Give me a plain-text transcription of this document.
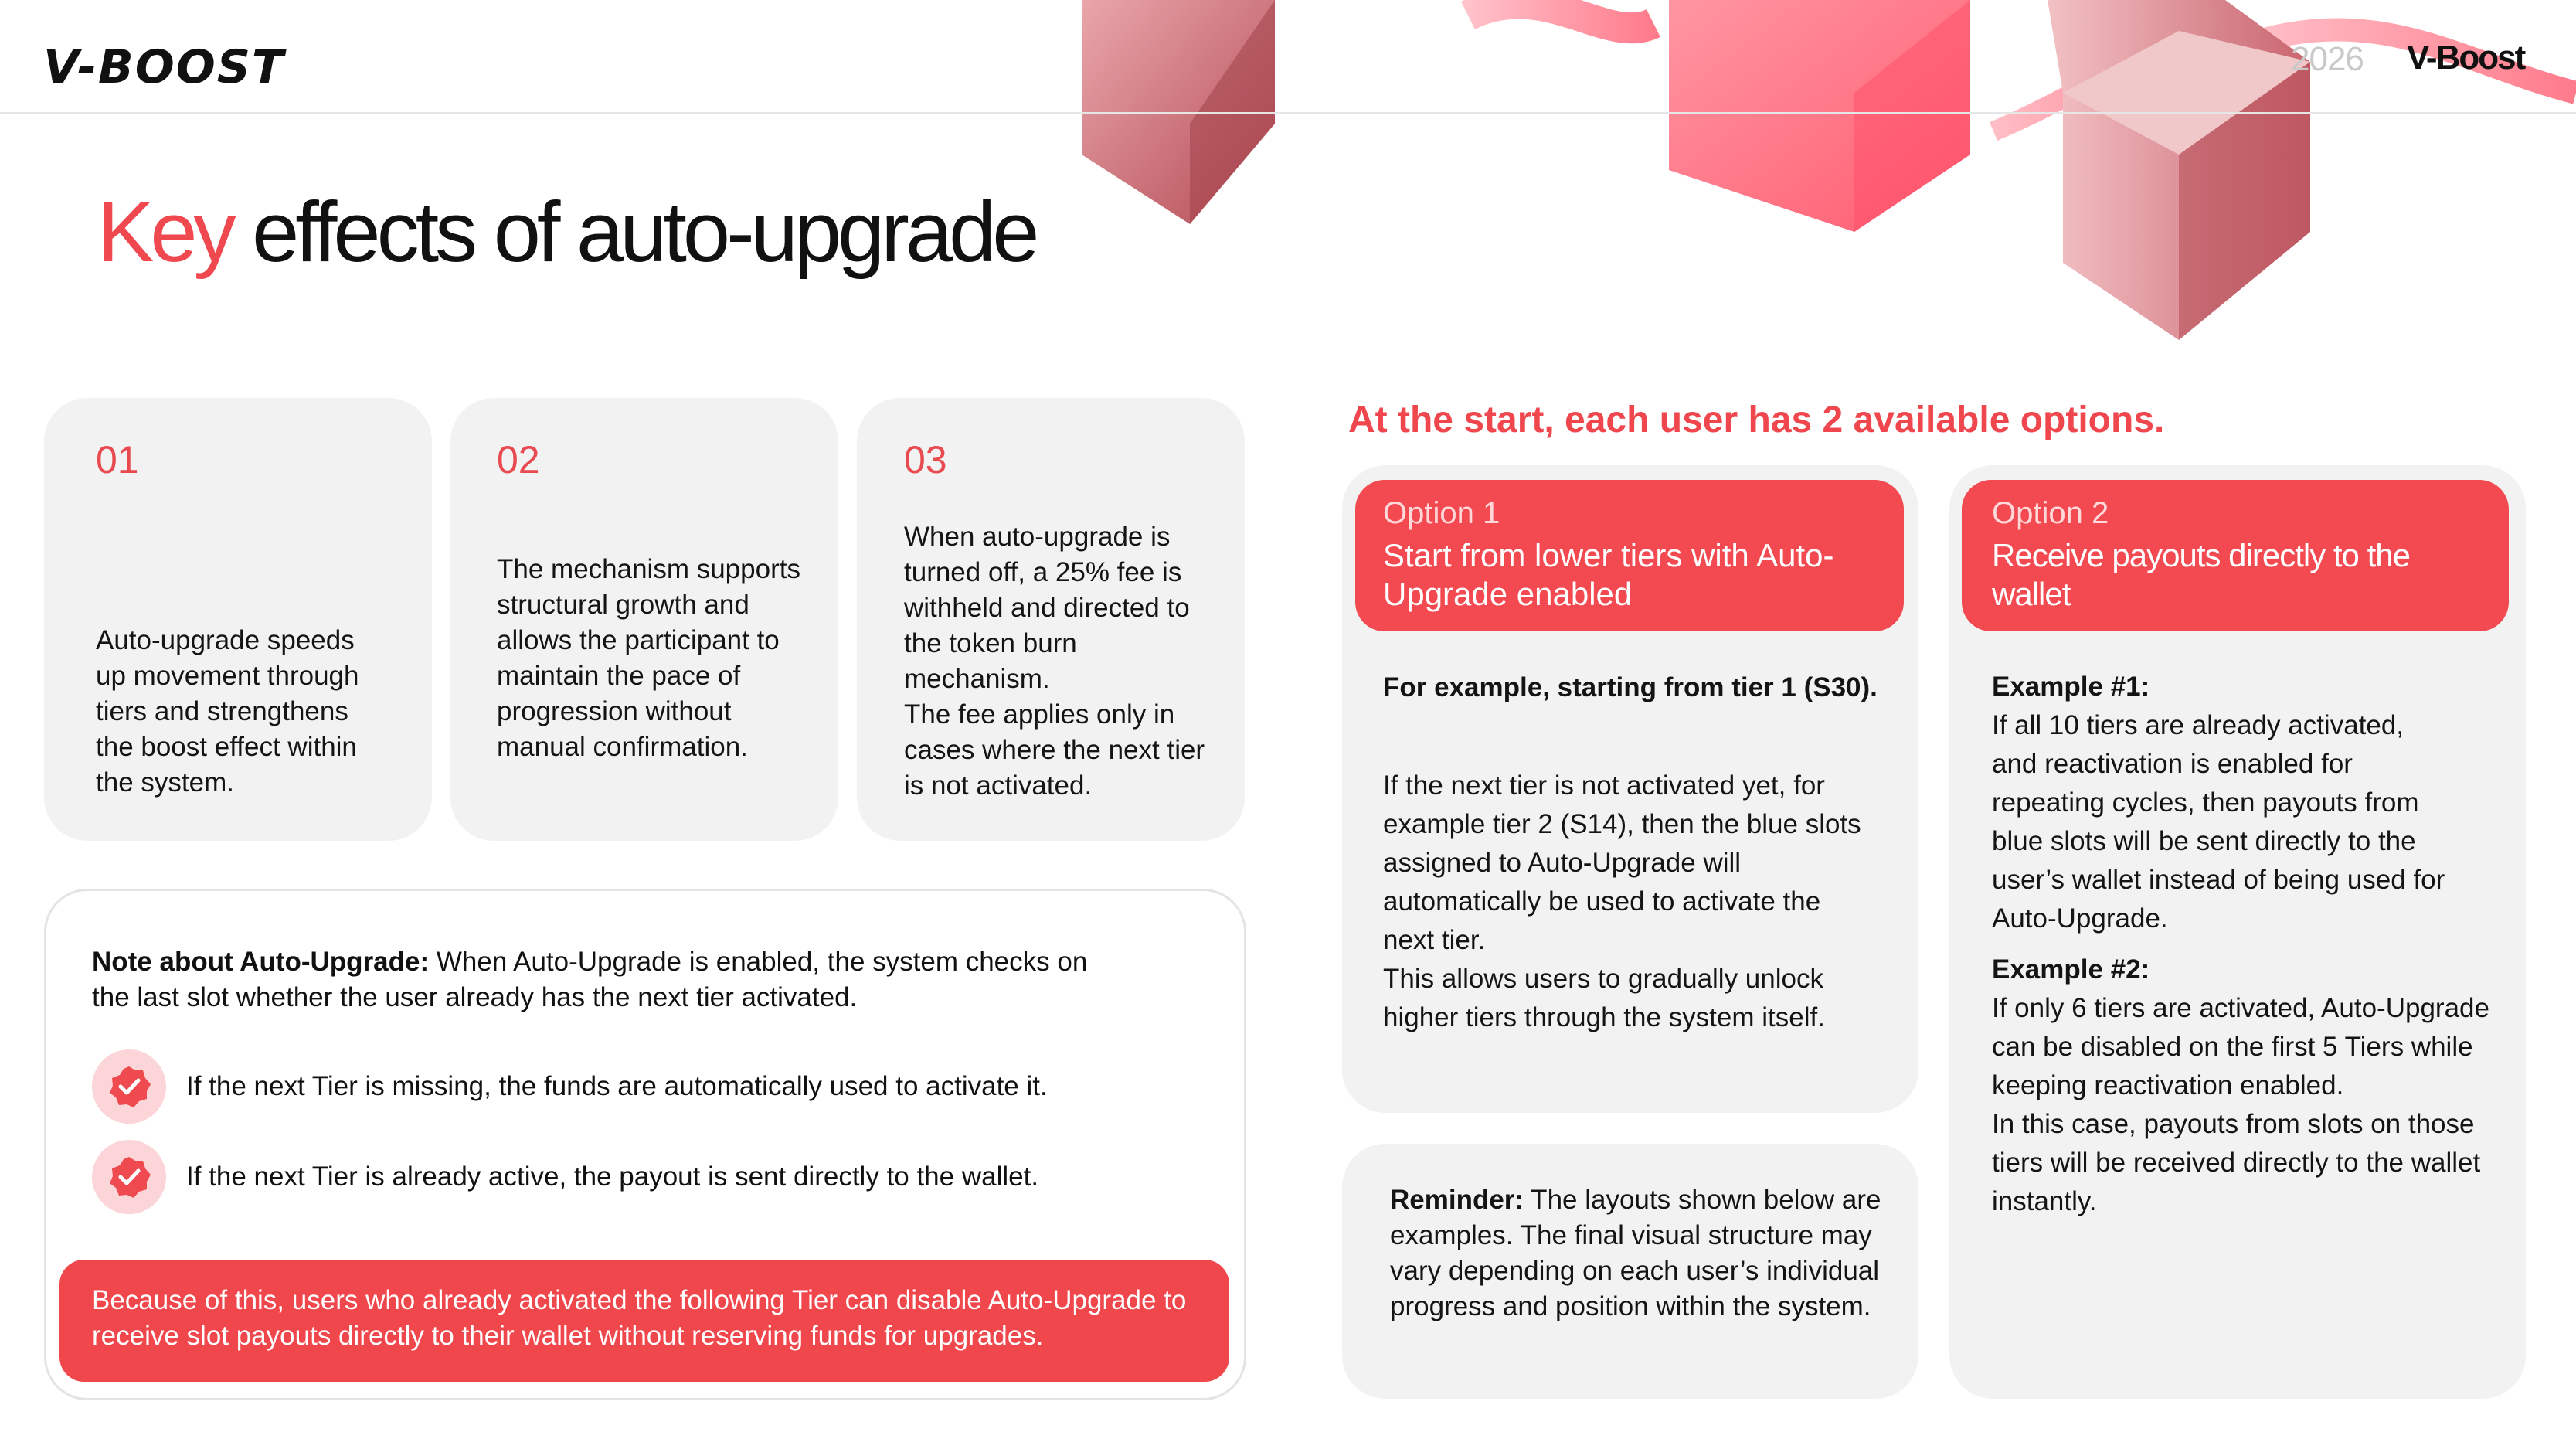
V-BOOST	2026 V-Boost
Key effects of auto-upgrade
01
Auto-upgrade speeds up movement through tiers and strengthens the boost effect within the system.
02
The mechanism supports structural growth and allows the participant to maintain the pace of progression without manual confirmation.
03
When auto-upgrade is turned off, a 25% fee is withheld and directed to the token burn mechanism.
The fee applies only in cases where the next tier is not activated.
Note about Auto-Upgrade: When Auto-Upgrade is enabled, the system checks on the last slot whether the user already has the next tier activated.
If the next Tier is missing, the funds are automatically used to activate it.
If the next Tier is already active, the payout is sent directly to the wallet.
Because of this, users who already activated the following Tier can disable Auto-Upgrade to receive slot payouts directly to their wallet without reserving funds for upgrades.
At the start, each user has 2 available options.
Option 1
Start from lower tiers with Auto-Upgrade enabled
For example, starting from tier 1 (S30).
If the next tier is not activated yet, for example tier 2 (S14), then the blue slots assigned to Auto-Upgrade will automatically be used to activate the next tier.
This allows users to gradually unlock higher tiers through the system itself.
Reminder: The layouts shown below are examples. The final visual structure may vary depending on each user’s individual progress and position within the system.
Option 2
Receive payouts directly to the wallet
Example #1:
If all 10 tiers are already activated, and reactivation is enabled for repeating cycles, then payouts from blue slots will be sent directly to the user’s wallet instead of being used for Auto-Upgrade.
Example #2:
If only 6 tiers are activated, Auto-Upgrade can be disabled on the first 5 Tiers while keeping reactivation enabled.
In this case, payouts from slots on those tiers will be received directly to the wallet instantly.
